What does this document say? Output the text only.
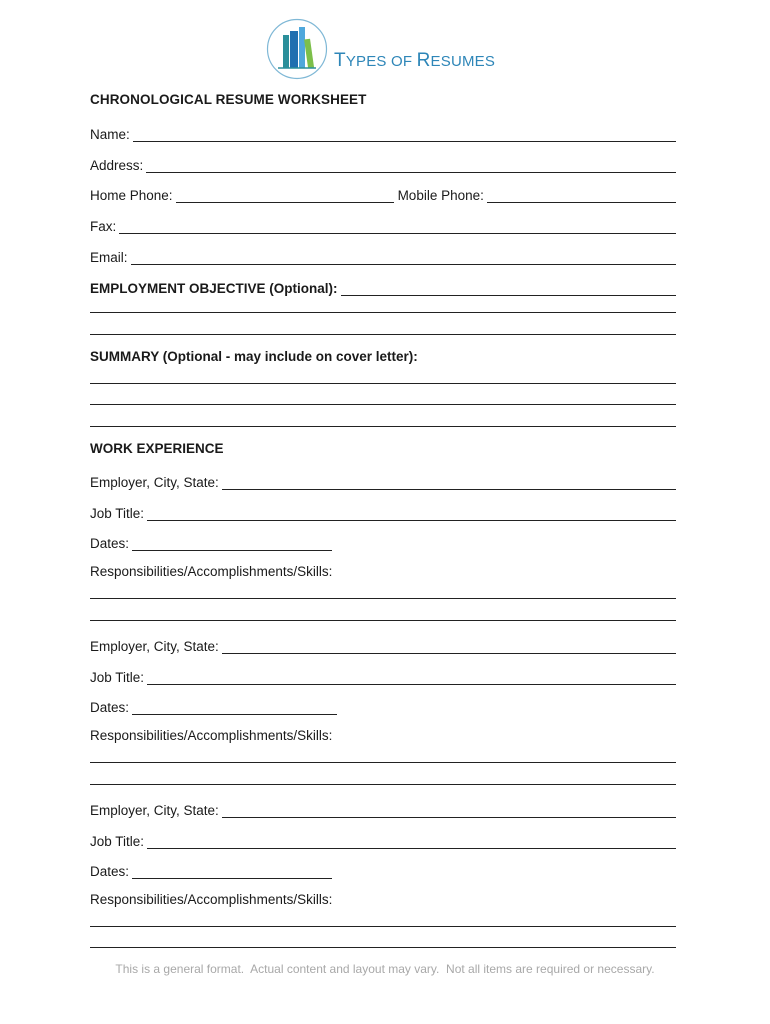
TYPES OF RESUMES
CHRONOLOGICAL RESUME WORKSHEET
Name:
Address:
Home Phone:	Mobile Phone:
Fax:
Email:
EMPLOYMENT OBJECTIVE (Optional):
SUMMARY (Optional - may include on cover letter):
WORK EXPERIENCE
Employer, City, State:
Job Title:
Dates:
Responsibilities/Accomplishments/Skills:
Employer, City, State:
Job Title:
Dates:
Responsibilities/Accomplishments/Skills:
Employer, City, State:
Job Title:
Dates:
Responsibilities/Accomplishments/Skills:
This is a general format.  Actual content and layout may vary.  Not all items are required or necessary.
